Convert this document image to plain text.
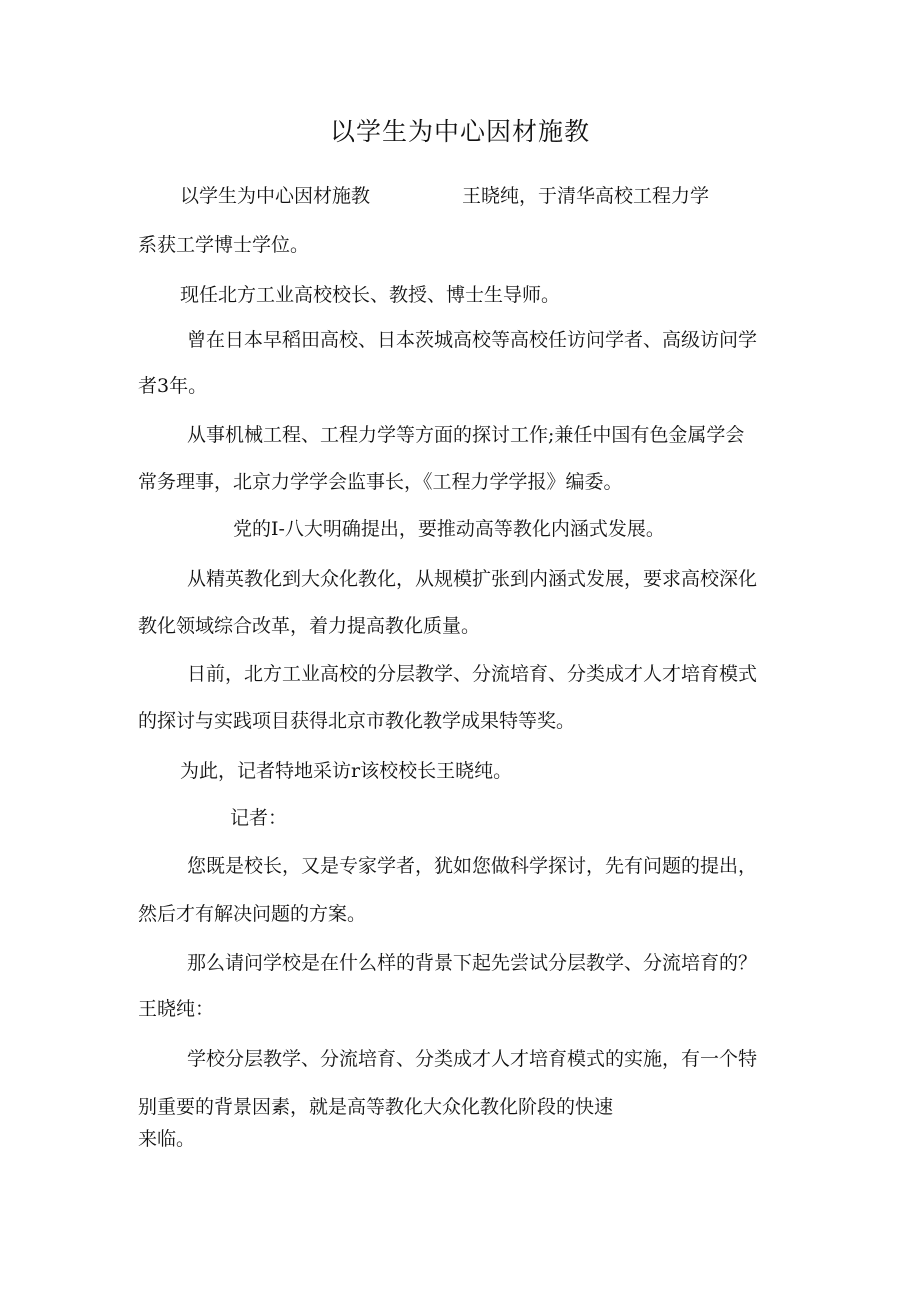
以学生为中心因材施教

以学生为中心因材施教	王晓纯，于清华高校工程力学

系获工学博士学位。

现任北方工业高校校长、教授、博士生导师。

曾在日本早稻田高校、日本茨城高校等高校任访问学者、高级访问学

者3年。

从事机械工程、工程力学等方面的探讨工作;兼任中国有色金属学会

常务理事，北京力学学会监事长，《工程力学学报》编委。

党的I-八大明确提出，要推动高等教化内涵式发展。

从精英教化到大众化教化，从规模扩张到内涵式发展，要求高校深化

教化领域综合改革，着力提高教化质量。

日前，北方工业高校的分层教学、分流培育、分类成才人才培育模式

的探讨与实践项目获得北京市教化教学成果特等奖。

为此，记者特地采访r该校校长王晓纯。

记者：

您既是校长，又是专家学者，犹如您做科学探讨，先有问题的提出，

然后才有解决问题的方案。

那么请问学校是在什么样的背景下起先尝试分层教学、分流培育的？

王晓纯：

学校分层教学、分流培育、分类成才人才培育模式的实施，有一个特

别重要的背景因素，就是高等教化大众化教化阶段的快速

来临。
